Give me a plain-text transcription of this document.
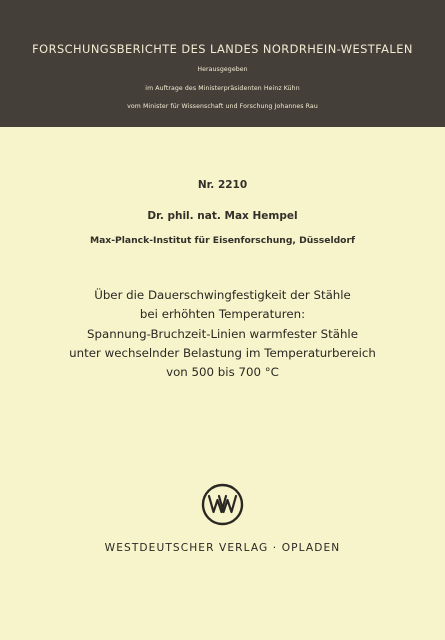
FORSCHUNGSBERICHTE DES LANDES NORDRHEIN-WESTFALEN
Herausgegeben
im Auftrage des Ministerpräsidenten Heinz Kühn
vom Minister für Wissenschaft und Forschung Johannes Rau
Nr. 2210
Dr. phil. nat. Max Hempel
Max-Planck-Institut für Eisenforschung, Düsseldorf
Über die Dauerschwingfestigkeit der Stähle
bei erhöhten Temperaturen:
Spannung-Bruchzeit-Linien warmfester Stähle
unter wechselnder Belastung im Temperaturbereich
von 500 bis 700 °C
WESTDEUTSCHER VERLAG · OPLADEN
